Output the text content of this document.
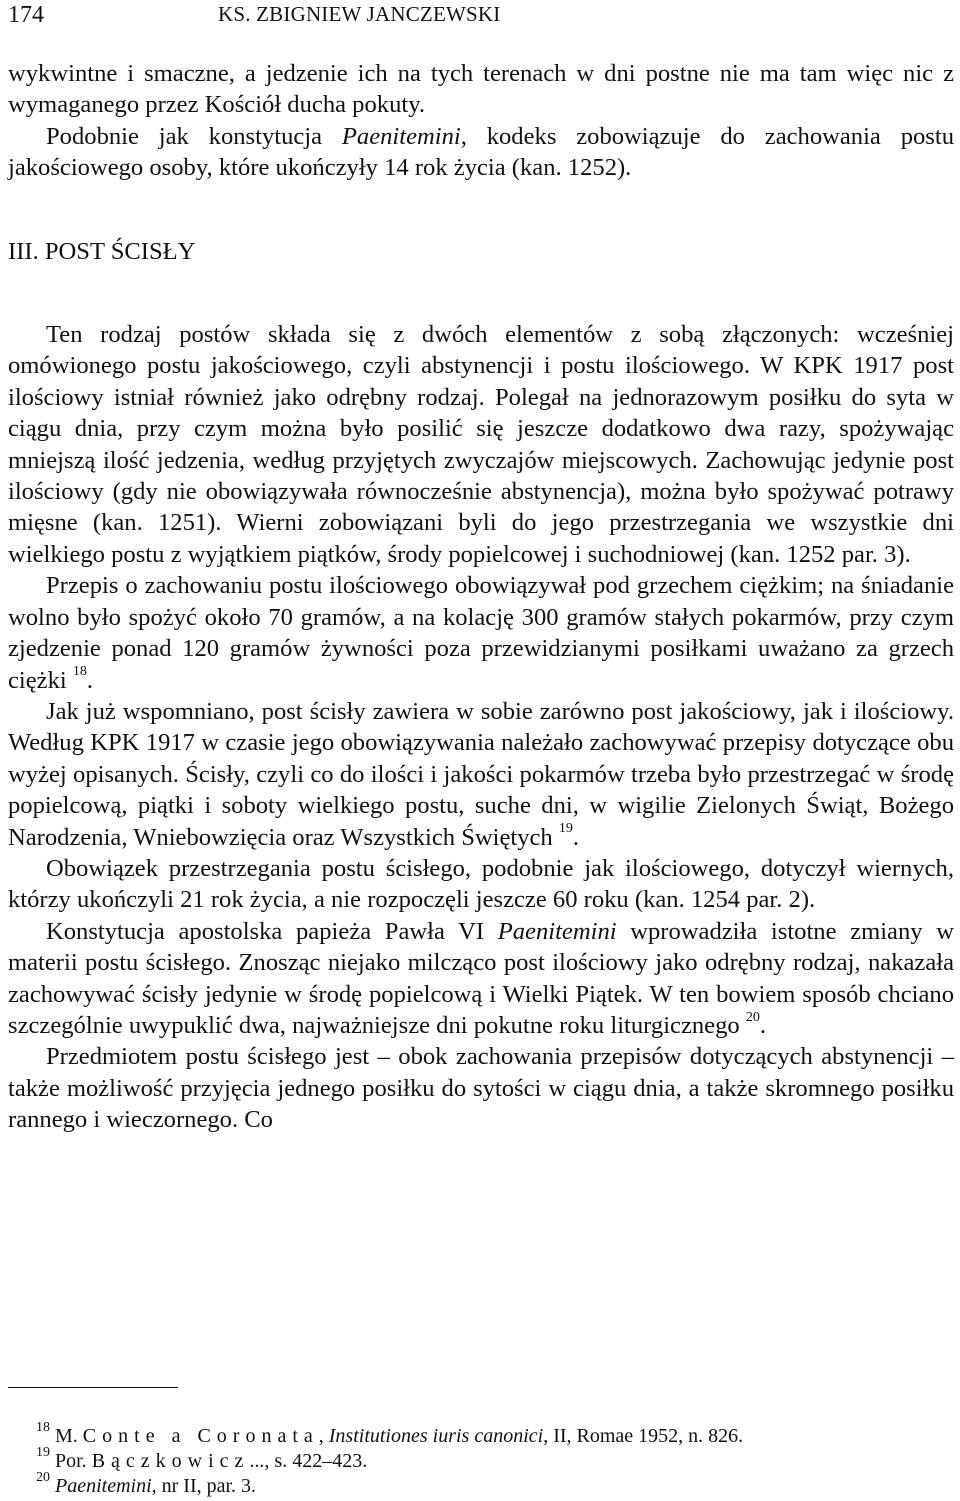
174	KS. ZBIGNIEW JANCZEWSKI

wykwintne i smaczne, a jedzenie ich na tych terenach w dni postne nie ma tam więc nic z wymaganego przez Kościół ducha pokuty.

Podobnie jak konstytucja Paenitemini, kodeks zobowiązuje do zachowania postu jakościowego osoby, które ukończyły 14 rok życia (kan. 1252).

III. POST ŚCISŁY

Ten rodzaj postów składa się z dwóch elementów z sobą złączonych: wcześniej omówionego postu jakościowego, czyli abstynencji i postu ilościowego. W KPK 1917 post ilościowy istniał również jako odrębny rodzaj. Polegał na jednorazowym posiłku do syta w ciągu dnia, przy czym można było posilić się jeszcze dodatkowo dwa razy, spożywając mniejszą ilość jedzenia, według przyjętych zwyczajów miejscowych. Zachowując jedynie post ilościowy (gdy nie obowiązywała równocześnie abstynencja), można było spożywać potrawy mięsne (kan. 1251). Wierni zobowiązani byli do jego przestrzegania we wszystkie dni wielkiego postu z wyjątkiem piątków, środy popielcowej i suchodniowej (kan. 1252 par. 3).

Przepis o zachowaniu postu ilościowego obowiązywał pod grzechem ciężkim; na śniadanie wolno było spożyć około 70 gramów, a na kolację 300 gramów stałych pokarmów, przy czym zjedzenie ponad 120 gramów żywności poza przewidzianymi posiłkami uważano za grzech ciężki $^{18}$.

Jak już wspomniano, post ścisły zawiera w sobie zarówno post jakościowy, jak i ilościowy. Według KPK 1917 w czasie jego obowiązywania należało zachowywać przepisy dotyczące obu wyżej opisanych. Ścisły, czyli co do ilości i jakości pokarmów trzeba było przestrzegać w środę popielcową, piątki i soboty wielkiego postu, suche dni, w wigilie Zielonych Świąt, Bożego Narodzenia, Wniebowzięcia oraz Wszystkich Świętych $^{19}$.

Obowiązek przestrzegania postu ścisłego, podobnie jak ilościowego, dotyczył wiernych, którzy ukończyli 21 rok życia, a nie rozpoczęli jeszcze 60 roku (kan. 1254 par. 2).

Konstytucja apostolska papieża Pawła VI Paenitemini wprowadziła istotne zmiany w materii postu ścisłego. Znosząc niejako milcząco post ilościowy jako odrębny rodzaj, nakazała zachowywać ścisły jedynie w środę popielcową i Wielki Piątek. W ten bowiem sposób chciano szczególnie uwypuklić dwa, najważniejsze dni pokutne roku liturgicznego $^{20}$.

Przedmiotem postu ścisłego jest – obok zachowania przepisów dotyczących abstynencji – także możliwość przyjęcia jednego posiłku do sytości w ciągu dnia, a także skromnego posiłku rannego i wieczornego. Co

$^{18}$ M. Conte a Coronata, Institutiones iuris canonici, II, Romae 1952, n. 826.

$^{19}$ Por. Bączkowicz..., s. 422–423.

$^{20}$ Paenitemini, nr II, par. 3.
